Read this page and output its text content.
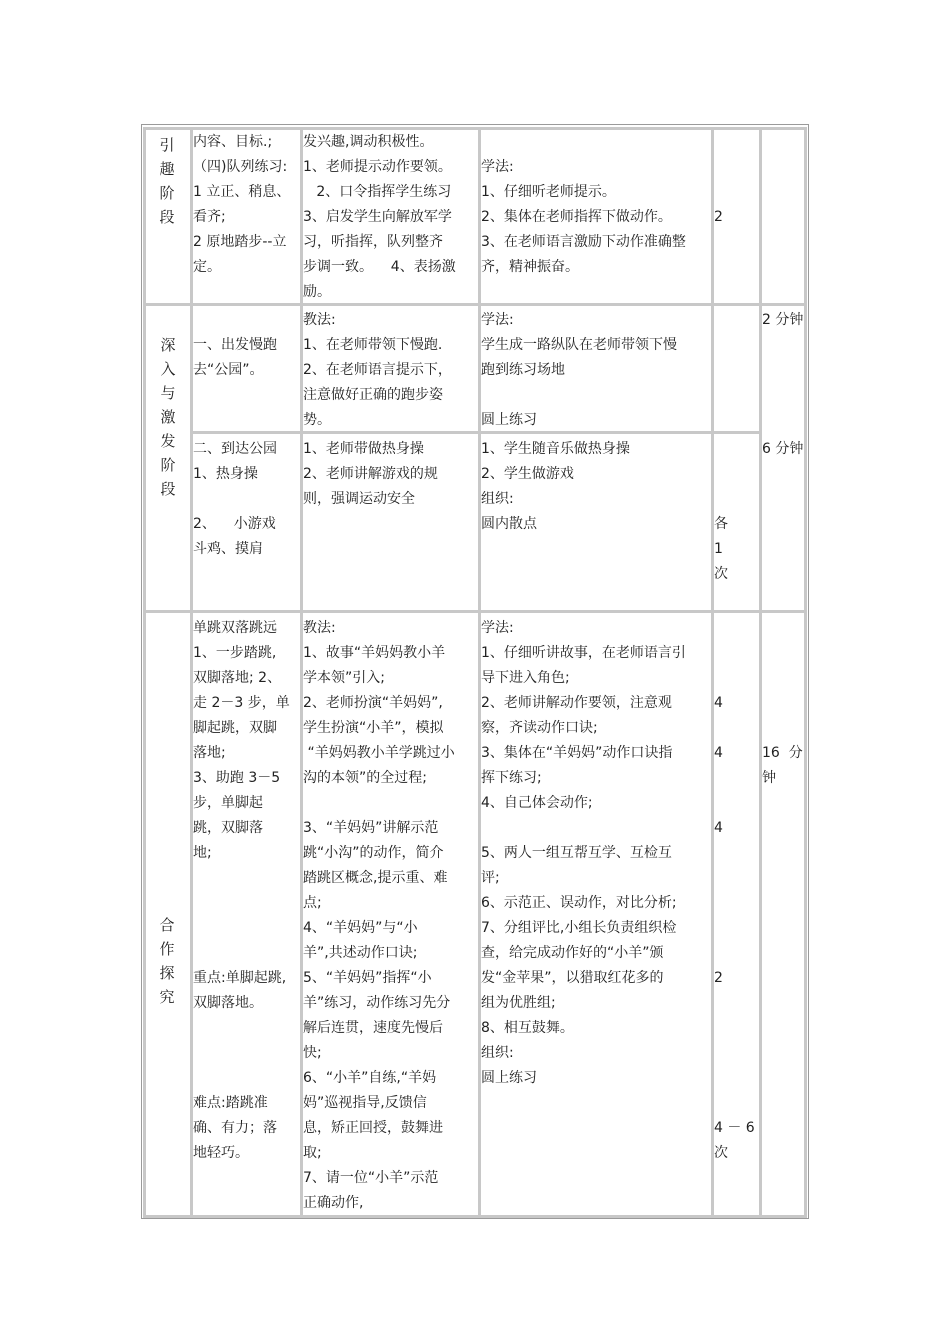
引
趣
阶
段
内容、目标.;
（四)队列练习:
1 立正、稍息、
看齐;
2 原地踏步--立
定。
发兴趣,调动积极性。
1、老师提示动作要领。
2、口令指挥学生练习
3、启发学生向解放军学
习，听指挥，队列整齐
步调一致。    4、表扬激
励。

学法:
1、仔细听老师提示。
2、集体在老师指挥下做动作。
3、在老师语言激励下动作准确整
齐，精神振奋。

2
深
入
与
激
发
阶
段

一、出发慢跑
去“公园”。
教法:
1、在老师带领下慢跑.
2、在老师语言提示下，
注意做好正确的跑步姿
势。
学法:
学生成一路纵队在老师带领下慢
跑到练习场地

圆上练习
2 分钟
二、到达公园
1、热身操

2、    小游戏
斗鸡、摸肩
1、老师带做热身操
2、老师讲解游戏的规
则，强调运动安全
1、学生随音乐做热身操
2、学生做游戏
组织:
圆内散点	

各
1
次
6 分钟
合
作
探
究
单跳双落跳远
1、一步踏跳,
双脚落地; 2、
走 2－3 步，单
脚起跳，双脚
落地;
3、助跑 3－5
步，单脚起
跳，双脚落
地;

重点:单脚起跳,
双脚落地。

难点:踏跳准
确、有力；落
地轻巧。
教法:
1、故事“羊妈妈教小羊
学本领”引入;
2、老师扮演“羊妈妈”,
学生扮演“小羊”，模拟
“羊妈妈教小羊学跳过小
沟的本领”的全过程;

3、“羊妈妈”讲解示范
跳“小沟”的动作，简介
踏跳区概念,提示重、难
点;
4、“羊妈妈”与“小
羊”,共述动作口诀;
5、“羊妈妈”指挥“小
羊”练习，动作练习先分
解后连贯，速度先慢后
快;
6、“小羊”自练,“羊妈
妈”巡视指导,反馈信
息，矫正回授，鼓舞进
取;
7、请一位“小羊”示范
正确动作,
学法:
1、仔细听讲故事，在老师语言引
导下进入角色;
2、老师讲解动作要领，注意观
察，齐读动作口诀;
3、集体在“羊妈妈”动作口诀指
挥下练习;
4、自己体会动作;

5、两人一组互帮互学、互检互
评;
6、示范正、误动作，对比分析;
7、分组评比,小组长负责组织检
查，给完成动作好的“小羊”颁
发“金苹果”，以猎取红花多的
组为优胜组;
8、相互鼓舞。
组织:
圆上练习

4

4

4

2

4 － 6
次

16  分
钟
